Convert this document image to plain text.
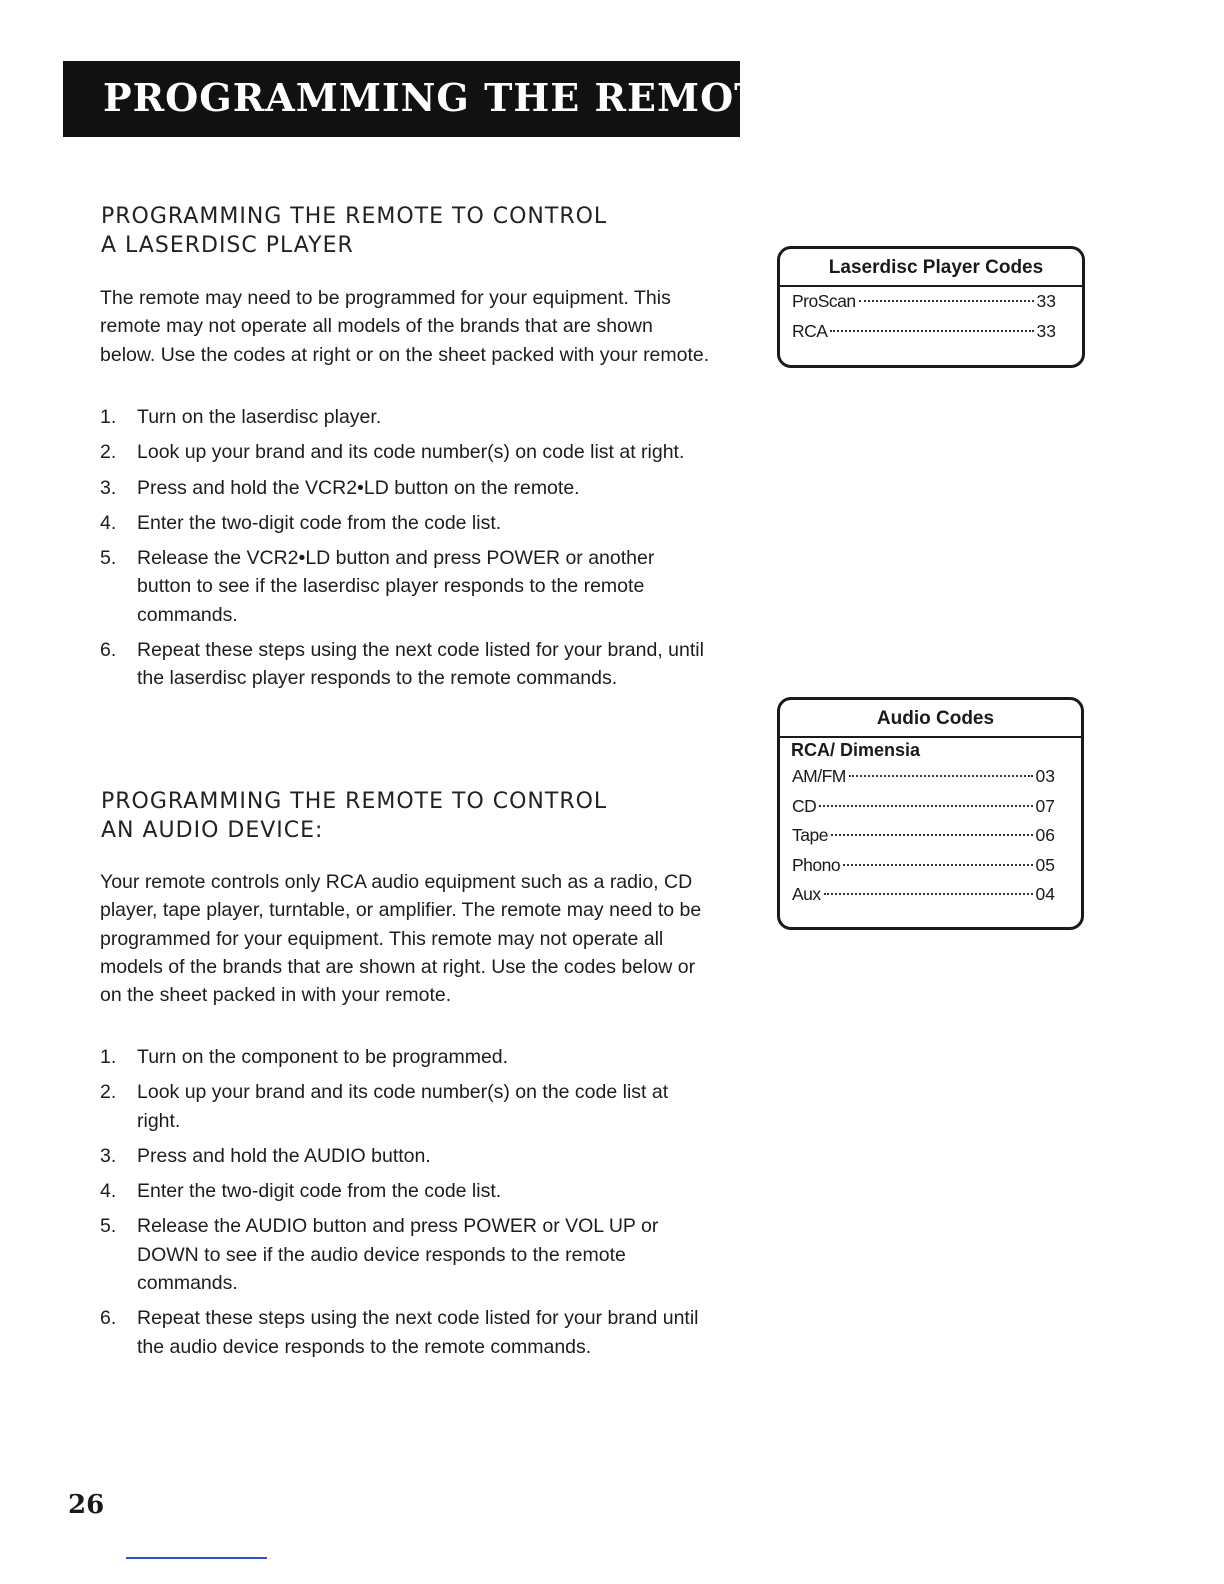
PROGRAMMING THE REMOTE
PROGRAMMING THE REMOTE TO CONTROL
A LASERDISC PLAYER
The remote may need to be programmed for your equipment. This remote may not operate all models of the brands that are shown below. Use the codes at right or on the sheet packed with your remote.
1. Turn on the laserdisc player.
2. Look up your brand and its code number(s) on code list at right.
3. Press and hold the VCR2•LD button on the remote.
4. Enter the two-digit code from the code list.
5. Release the VCR2•LD button and press POWER or another button to see if the laserdisc player responds to the remote commands.
6. Repeat these steps using the next code listed for your brand, until the laserdisc player responds to the remote commands.
PROGRAMMING THE REMOTE TO CONTROL
AN AUDIO DEVICE:
Your remote controls only RCA audio equipment such as a radio, CD player, tape player, turntable, or amplifier. The remote may need to be programmed for your equipment. This remote may not operate all models of the brands that are shown at right. Use the codes below or on the sheet packed in with your remote.
1. Turn on the component to be programmed.
2. Look up your brand and its code number(s) on the code list at right.
3. Press and hold the AUDIO button.
4. Enter the two-digit code from the code list.
5. Release the AUDIO button and press POWER or VOL UP or DOWN to see if the audio device responds to the remote commands.
6. Repeat these steps using the next code listed for your brand until the audio device responds to the remote commands.
Laserdisc Player Codes
ProScan	33
RCA	33
Audio Codes
RCA/ Dimensia
AM/FM	03
CD	07
Tape	06
Phono	05
Aux	04
26
